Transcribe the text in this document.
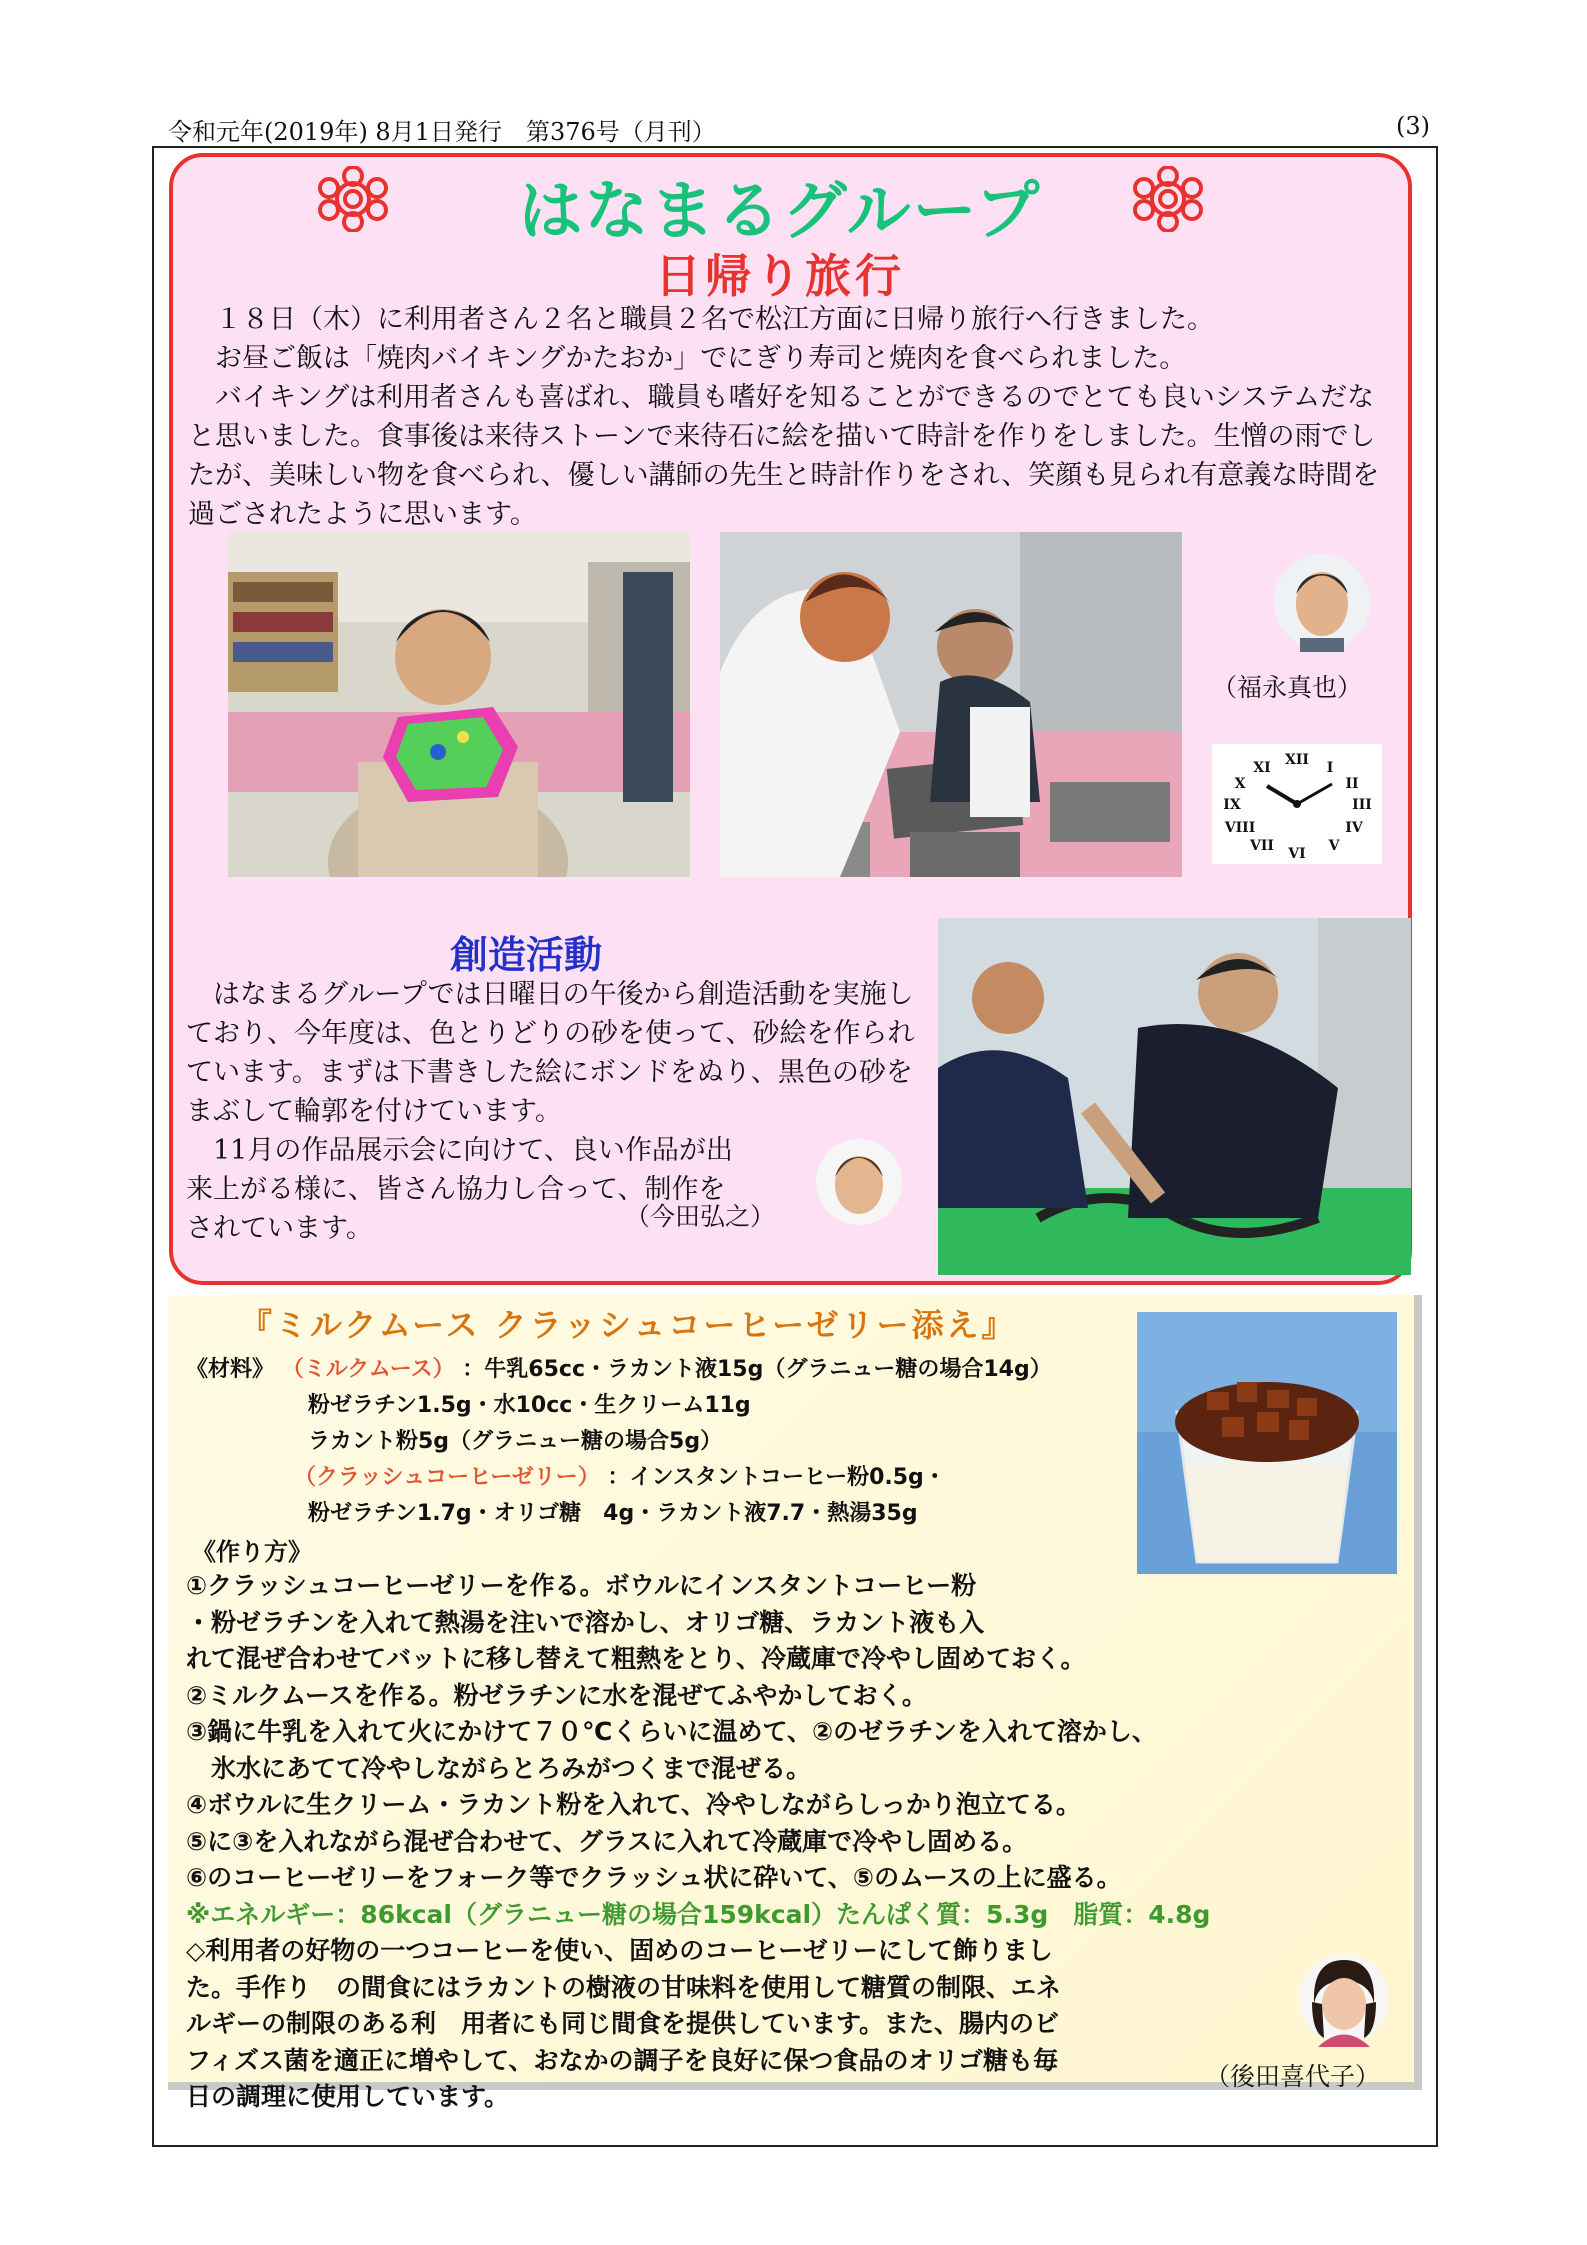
令和元年(2019年) 8月1日発行　第376号（月刊）	(3)
はなまるグループ
日帰り旅行

　１８日（木）に利用者さん２名と職員２名で松江方面に日帰り旅行へ行きました。

　お昼ご飯は「焼肉バイキングかたおか」でにぎり寿司と焼肉を食べられました。

　バイキングは利用者さんも喜ばれ、職員も嗜好を知ることができるのでとても良いシステムだなと思いました。食事後は来待ストーンで来待石に絵を描いて時計を作りをしました。生憎の雨でしたが、美味しい物を食べられ、優しい講師の先生と時計作りをされ、笑顔も見られ有意義な時間を過ごされたように思います。

（福永真也）
XII I
II
III
IV
V
VI
VII
VIII
IX
X
XI
創造活動

　はなまるグループでは日曜日の午後から創造活動を実施しており、今年度は、色とりどりの砂を使って、砂絵を作られています。まずは下書きした絵にボンドをぬり、黒色の砂をまぶして輪郭を付けています。

　11月の作品展示会に向けて、良い作品が出来上がる様に、皆さん協力し合って、制作をされています。	（今田弘之）
『ミルクムース クラッシュコーヒーゼリー添え』
《材料》 （ミルクムース） ：牛乳65cc・ラカント液15g（グラニュー糖の場合14g）
粉ゼラチン1.5g・水10cc・生クリーム11g
ラカント粉5g（グラニュー糖の場合5g）
（クラッシュコーヒーゼリー） ：インスタントコーヒー粉0.5g・
粉ゼラチン1.7g・オリゴ糖　4g・ラカント液7.7・熱湯35g
《作り方》
①クラッシュコーヒーゼリーを作る。ボウルにインスタントコーヒー粉
・粉ゼラチンを入れて熱湯を注いで溶かし、オリゴ糖、ラカント液も入
れて混ぜ合わせてバットに移し替えて粗熱をとり、冷蔵庫で冷やし固めておく。
②ミルクムースを作る。粉ゼラチンに水を混ぜてふやかしておく。
③鍋に牛乳を入れて火にかけて７０℃くらいに温めて、②のゼラチンを入れて溶かし、
　氷水にあてて冷やしながらとろみがつくまで混ぜる。
④ボウルに生クリーム・ラカント粉を入れて、冷やしながらしっかり泡立てる。
⑤に③を入れながら混ぜ合わせて、グラスに入れて冷蔵庫で冷やし固める。
⑥のコーヒーゼリーをフォーク等でクラッシュ状に砕いて、⑤のムースの上に盛る。
※エネルギー：86kcal（グラニュー糖の場合159kcal）たんぱく質：5.3g　脂質：4.8g
◇利用者の好物の一つコーヒーを使い、固めのコーヒーゼリーにして飾りまし
た。手作り　の間食にはラカントの樹液の甘味料を使用して糖質の制限、エネ
ルギーの制限のある利　用者にも同じ間食を提供しています。また、腸内のビ
フィズス菌を適正に増やして、おなかの調子を良好に保つ食品のオリゴ糖も毎
日の調理に使用しています。
（後田喜代子）
